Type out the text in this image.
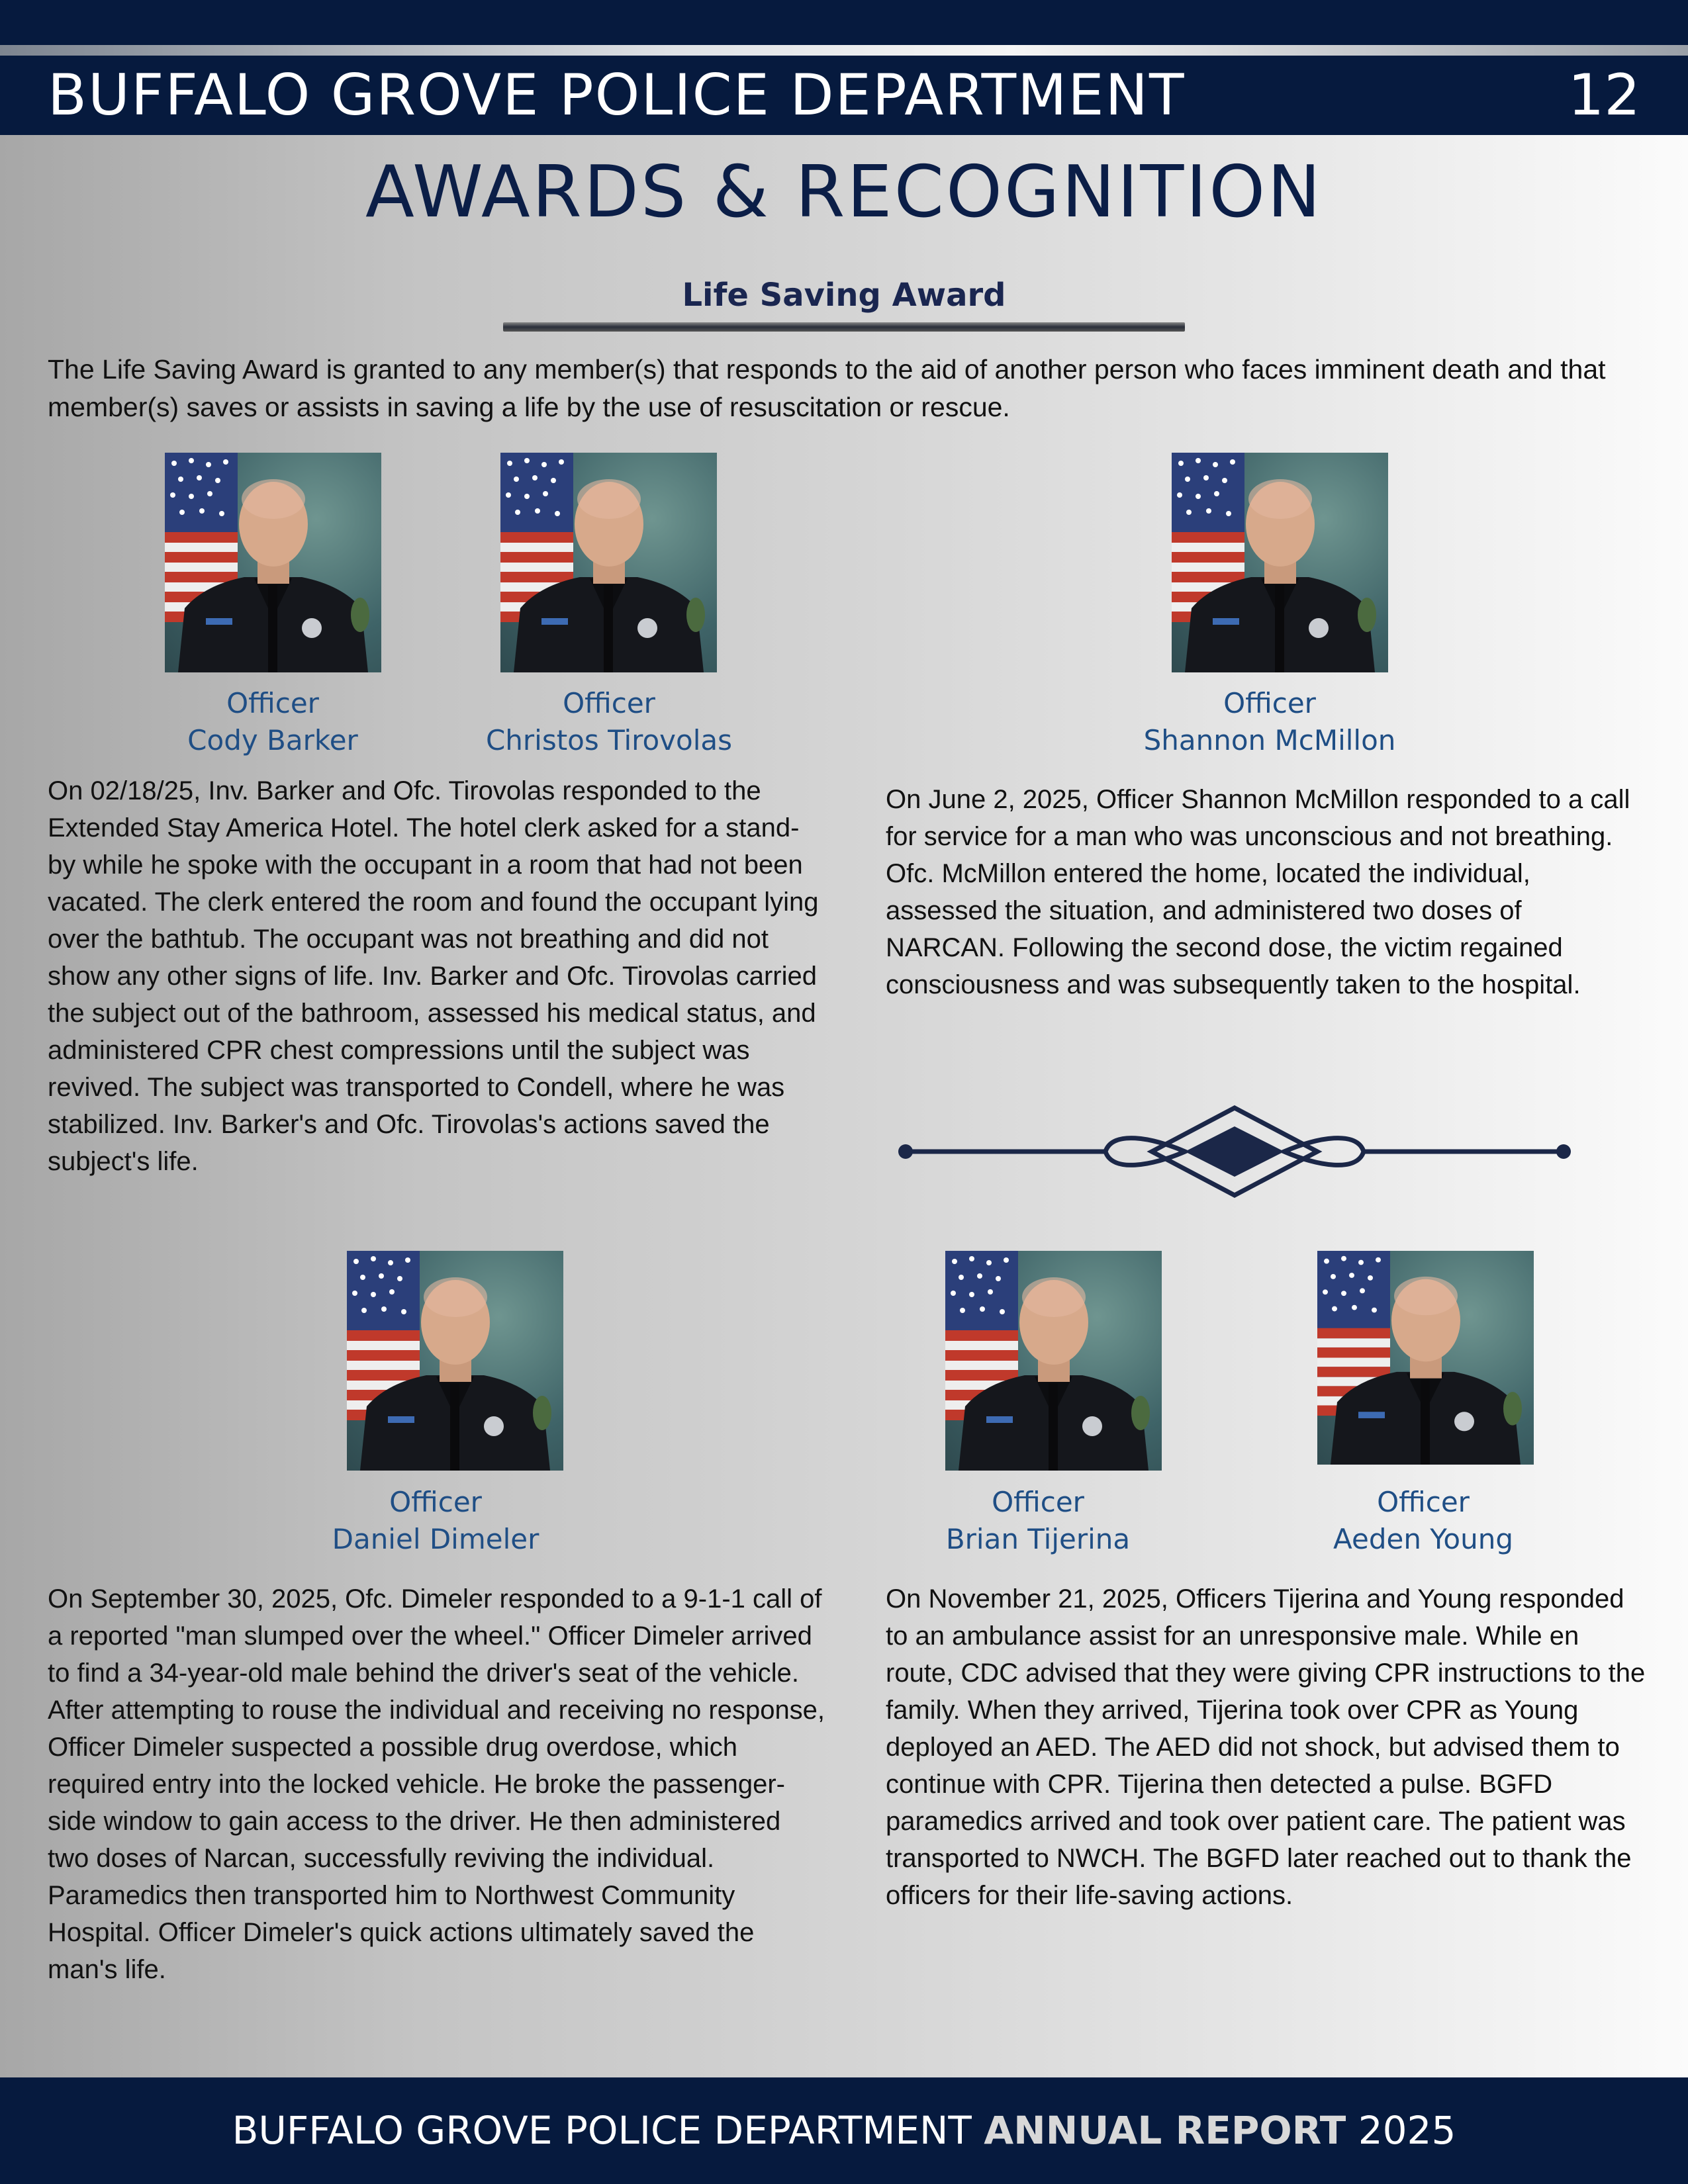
BUFFALO GROVE POLICE DEPARTMENT	12
AWARDS & RECOGNITION
Life Saving Award

The Life Saving Award is granted to any member(s) that responds to the aid of another person who faces imminent death and that member(s) saves or assists in saving a life by the use of resuscitation or rescue.

Officer
Cody Barker
Officer
Christos Tirovolas
Officer
Shannon McMillon

On 02/18/25, Inv. Barker and Ofc. Tirovolas responded to the Extended Stay America Hotel. The hotel clerk asked for a stand-by while he spoke with the occupant in a room that had not been vacated. The clerk entered the room and found the occupant lying over the bathtub. The occupant was not breathing and did not show any other signs of life. Inv. Barker and Ofc. Tirovolas carried the subject out of the bathroom, assessed his medical status, and administered CPR chest compressions until the subject was revived. The subject was transported to Condell, where he was stabilized. Inv. Barker's and Ofc. Tirovolas's actions saved the subject's life.

On June 2, 2025, Officer Shannon McMillon responded to a call for service for a man who was unconscious and not breathing. Ofc. McMillon entered the home, located the individual, assessed the situation, and administered two doses of NARCAN. Following the second dose, the victim regained consciousness and was subsequently taken to the hospital.

Officer
Daniel Dimeler
Officer
Brian Tijerina
Officer
Aeden Young

On September 30, 2025, Ofc. Dimeler responded to a 9-1-1 call of a reported "man slumped over the wheel." Officer Dimeler arrived to find a 34-year-old male behind the driver's seat of the vehicle. After attempting to rouse the individual and receiving no response, Officer Dimeler suspected a possible drug overdose, which required entry into the locked vehicle. He broke the passenger-side window to gain access to the driver. He then administered two doses of Narcan, successfully reviving the individual. Paramedics then transported him to Northwest Community Hospital. Officer Dimeler's quick actions ultimately saved the man's life.

On November 21, 2025, Officers Tijerina and Young responded to an ambulance assist for an unresponsive male. While en route, CDC advised that they were giving CPR instructions to the family. When they arrived, Tijerina took over CPR as Young deployed an AED. The AED did not shock, but advised them to continue with CPR. Tijerina then detected a pulse. BGFD paramedics arrived and took over patient care. The patient was transported to NWCH. The BGFD later reached out to thank the officers for their life-saving actions.

BUFFALO GROVE POLICE DEPARTMENT ANNUAL REPORT 2025
